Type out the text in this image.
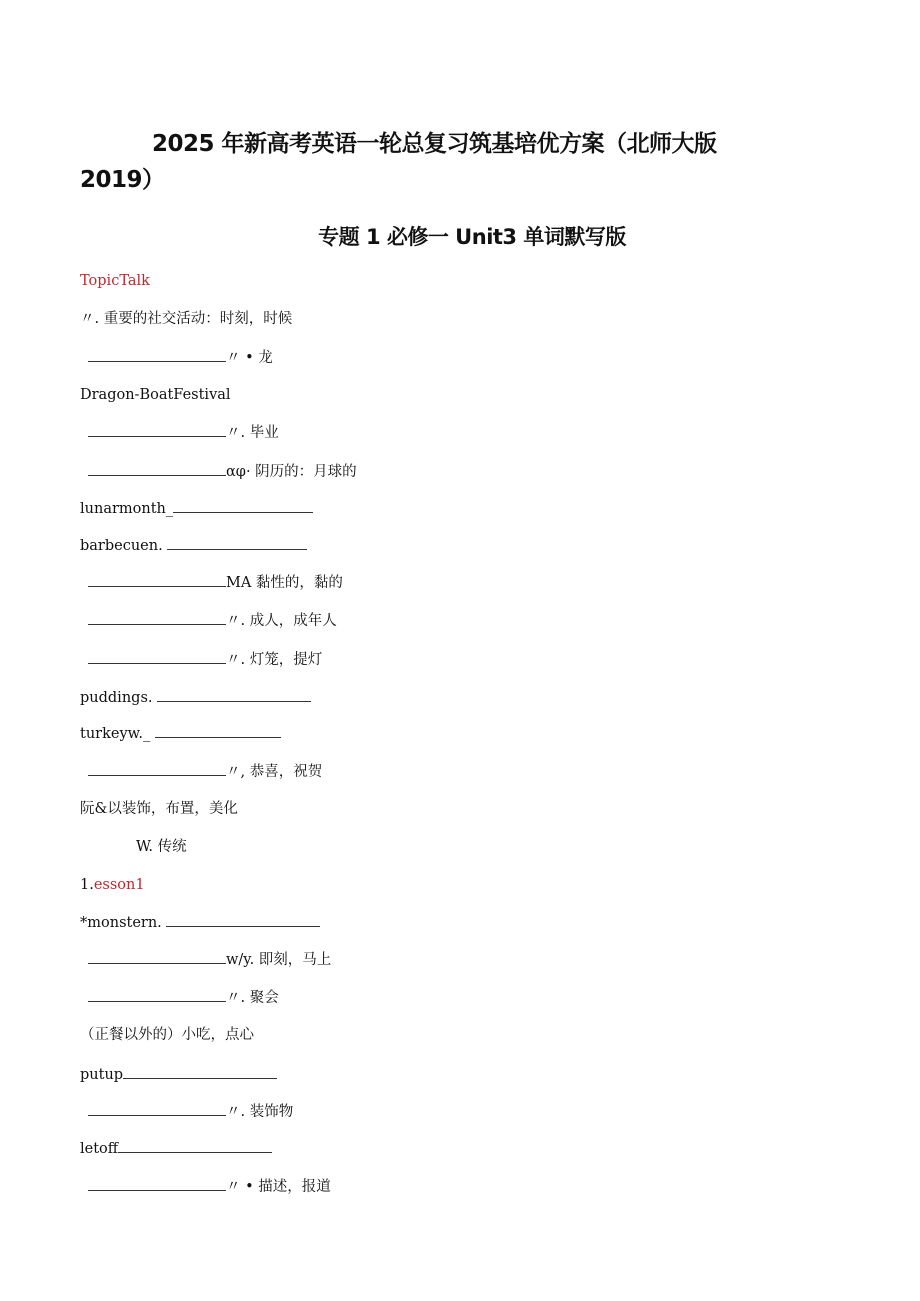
2025 年新高考英语一轮总复习筑基培优方案（北师大版
2019）
专题 1 必修一 Unit3 单词默写版
TopicTalk
〃. 重要的社交活动：时刻，时候
〃 • 龙
Dragon-BoatFestival
〃. 毕业
αφ· 阴历的：月球的
lunarmonth_
barbecuen.
MA 黏性的，黏的
〃. 成人，成年人
〃. 灯笼，提灯
puddings.
turkeyw._
〃, 恭喜，祝贺
阮&以装饰，布置，美化
W. 传统
1.esson1
*monstern.
w/y. 即刻，马上
〃. 聚会
（正餐以外的）小吃，点心
putup
〃. 装饰物
letoff
〃 • 描述，报道
